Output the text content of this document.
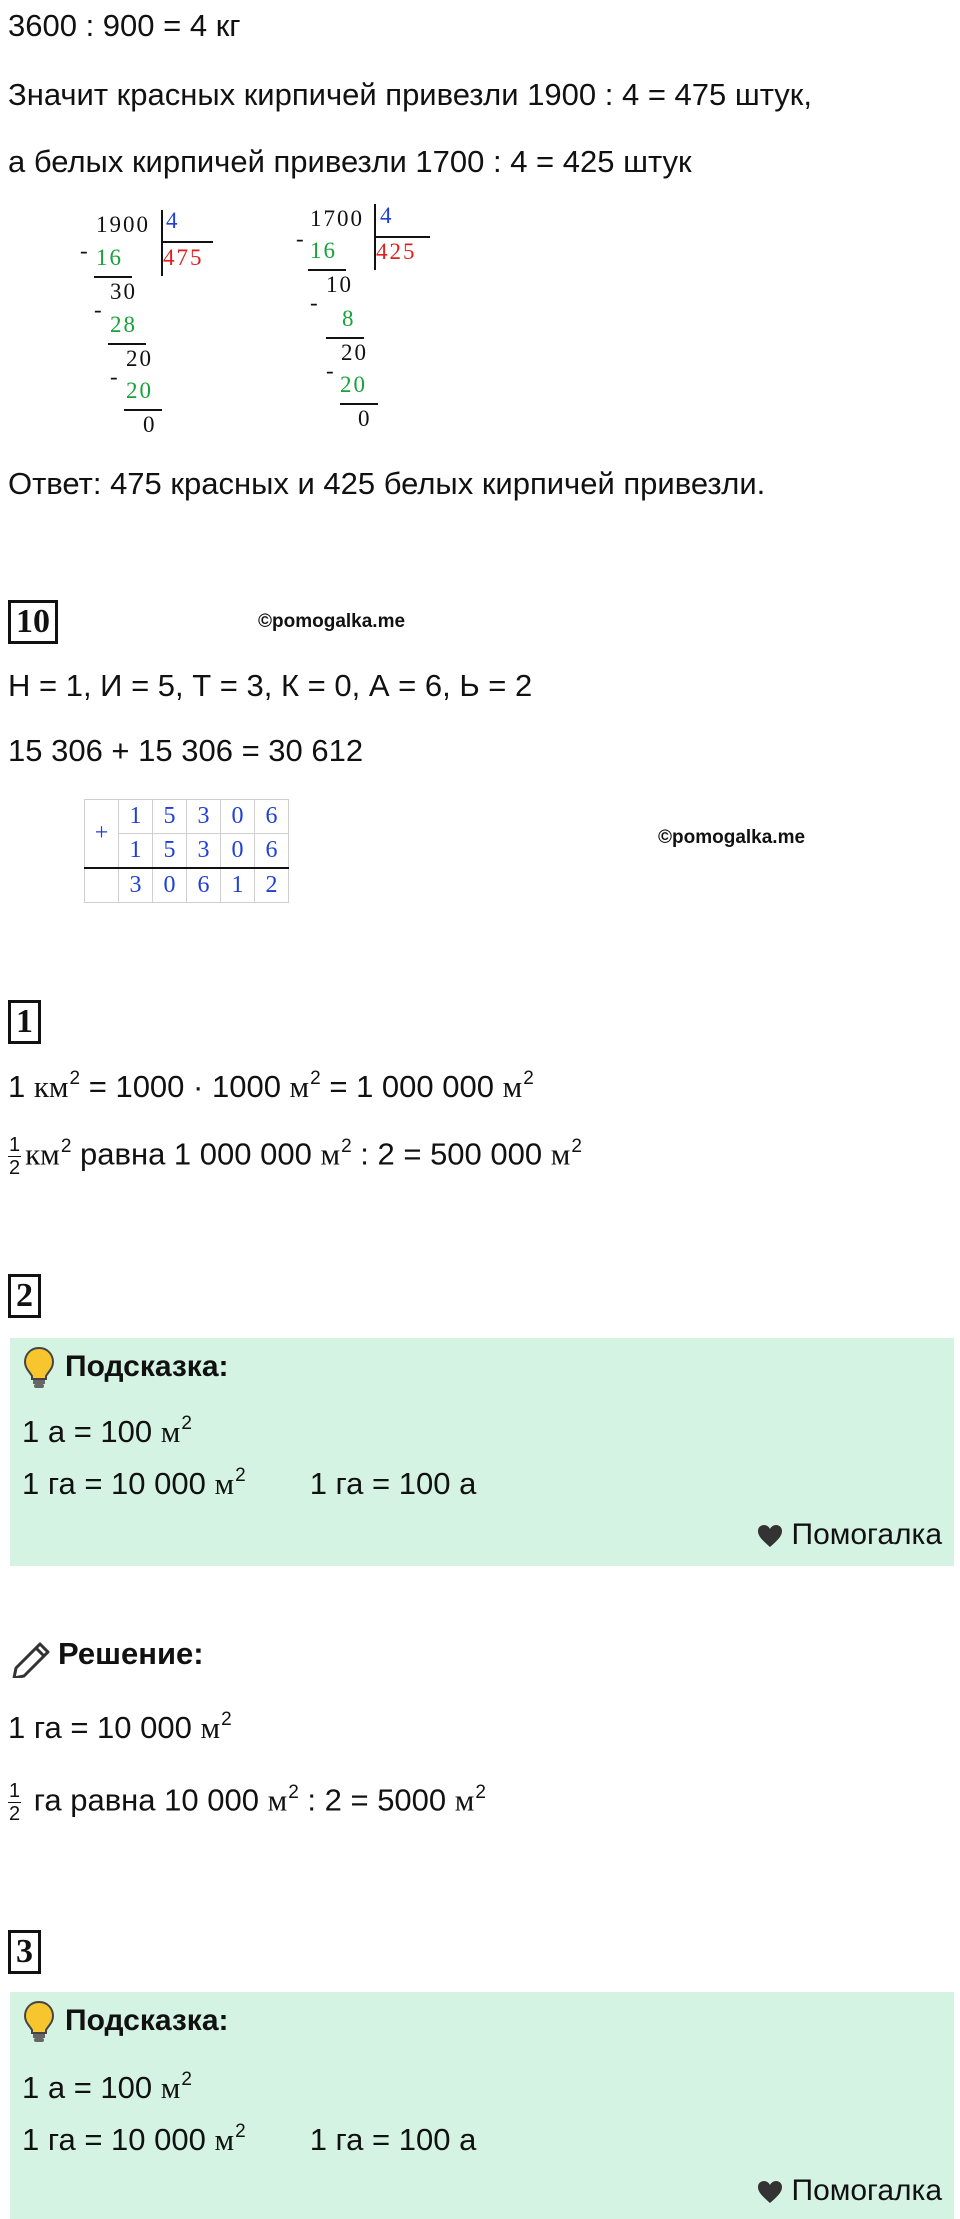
3600 : 900 = 4 кг
Значит красных кирпичей привезли 1900 : 4 = 475 штук,
а белых кирпичей привезли 1700 : 4 = 425 штук
-
1900 4
475
16
30
-
28
20
-
20
0
-
1700 4
425
16
10
-
8
20
-
20
0
Ответ: 475 красных и 425 белых кирпичей привезли.
10	©pomogalka.me
Н = 1, И = 5, Т = 3, К = 0, А = 6, Ь = 2
15 306 + 15 306 = 30 612
+	1	5	3	0	6
	1	5	3	0	6
	3	0	6	1	2
©pomogalka.me
1
1 $км^2 = 1000 \cdot 1000$ $м^2 = 1$ 000 000 $м^2$
$\frac{1}{2} км^2$ равна 1 000 000 $м^2$ : 2 = 500 000 $м^2$
2
Подсказка:
1 а = 100 $м^2$
1 га = 10 000 $м^2$ 1 га = 100 а
Помогалка
Решение:
1 га = 10 000 $м^2$
$\frac{1}{2}$ га равна 10 000 $м^2$ : 2 = 5000 $м^2$
3
Подсказка:
1 а = 100 $м^2$
1 га = 10 000 $м^2$ 1 га = 100 а
Помогалка
